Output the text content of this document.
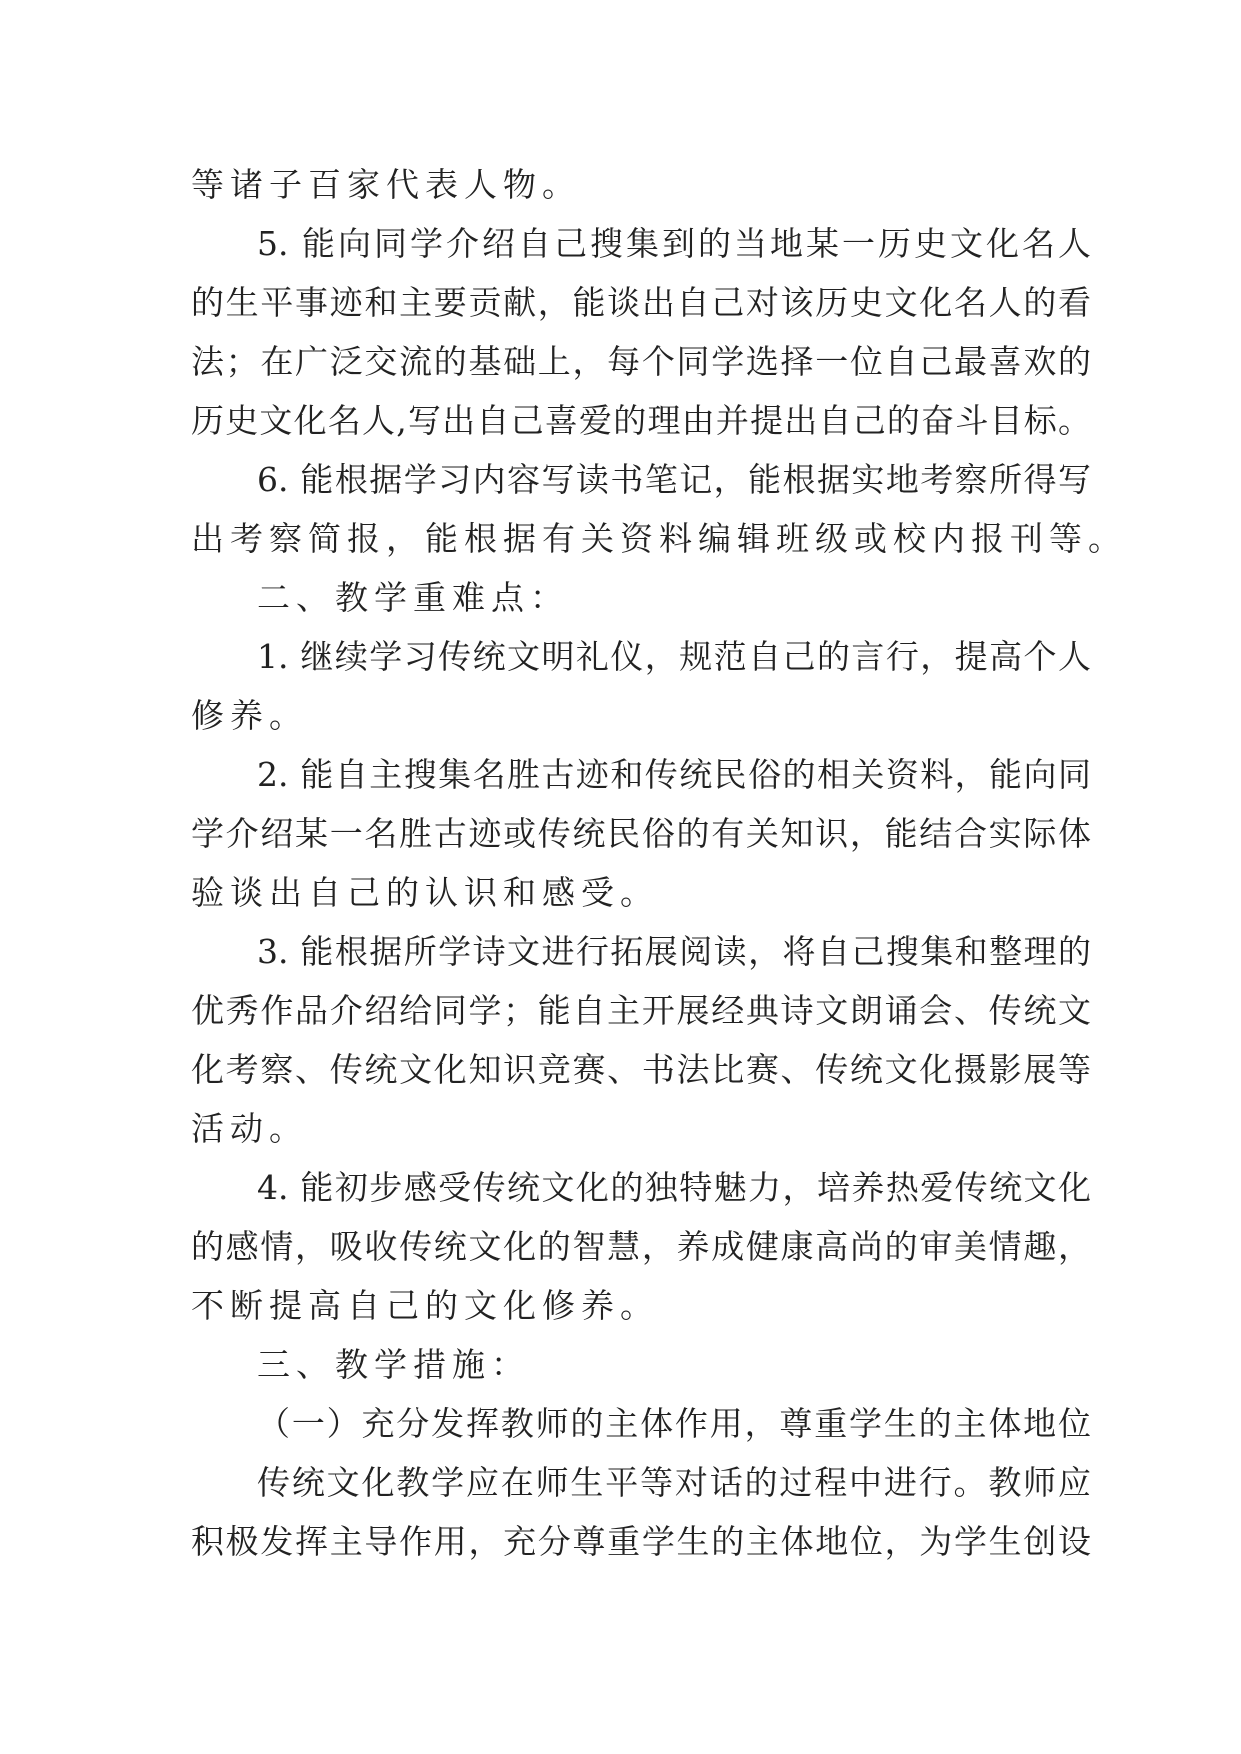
等诸子百家代表人物。
5. 能向同学介绍自己搜集到的当地某一历史文化名人
的生平事迹和主要贡献，能谈出自己对该历史文化名人的看
法；在广泛交流的基础上，每个同学选择一位自己最喜欢的
历史文化名人,写出自己喜爱的理由并提出自己的奋斗目标。
6. 能根据学习内容写读书笔记，能根据实地考察所得写
出考察简报，能根据有关资料编辑班级或校内报刊等。
二、教学重难点：
1. 继续学习传统文明礼仪，规范自己的言行，提高个人
修养。
2. 能自主搜集名胜古迹和传统民俗的相关资料，能向同
学介绍某一名胜古迹或传统民俗的有关知识，能结合实际体
验谈出自己的认识和感受。
3. 能根据所学诗文进行拓展阅读，将自己搜集和整理的
优秀作品介绍给同学；能自主开展经典诗文朗诵会、传统文
化考察、传统文化知识竞赛、书法比赛、传统文化摄影展等
活动。
4. 能初步感受传统文化的独特魅力，培养热爱传统文化
的感情，吸收传统文化的智慧，养成健康高尚的审美情趣，
不断提高自己的文化修养。
三、教学措施：
（一）充分发挥教师的主体作用，尊重学生的主体地位
传统文化教学应在师生平等对话的过程中进行。教师应
积极发挥主导作用，充分尊重学生的主体地位，为学生创设
